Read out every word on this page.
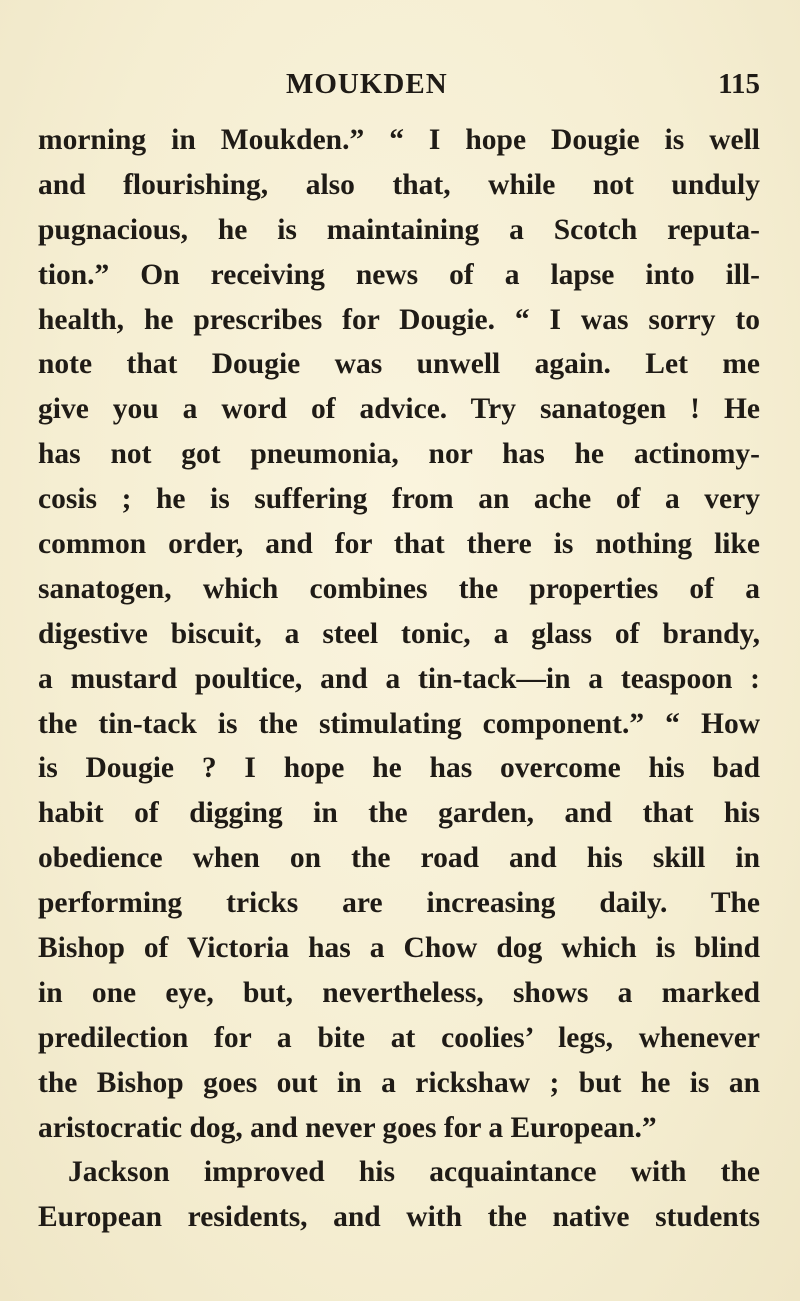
MOUKDEN	115
morning in Moukden.” “ I hope Dougie is well
and flourishing, also that, while not unduly
pugnacious, he is maintaining a Scotch reputa-
tion.” On receiving news of a lapse into ill-
health, he prescribes for Dougie. “ I was sorry to
note that Dougie was unwell again. Let me
give you a word of advice. Try sanatogen ! He
has not got pneumonia, nor has he actinomy-
cosis ; he is suffering from an ache of a very
common order, and for that there is nothing like
sanatogen, which combines the properties of a
digestive biscuit, a steel tonic, a glass of brandy,
a mustard poultice, and a tin-tack—in a teaspoon :
the tin-tack is the stimulating component.” “ How
is Dougie ? I hope he has overcome his bad
habit of digging in the garden, and that his
obedience when on the road and his skill in
performing tricks are increasing daily. The
Bishop of Victoria has a Chow dog which is blind
in one eye, but, nevertheless, shows a marked
predilection for a bite at coolies’ legs, whenever
the Bishop goes out in a rickshaw ; but he is an
aristocratic dog, and never goes for a European.”
Jackson improved his acquaintance with the
European residents, and with the native students
